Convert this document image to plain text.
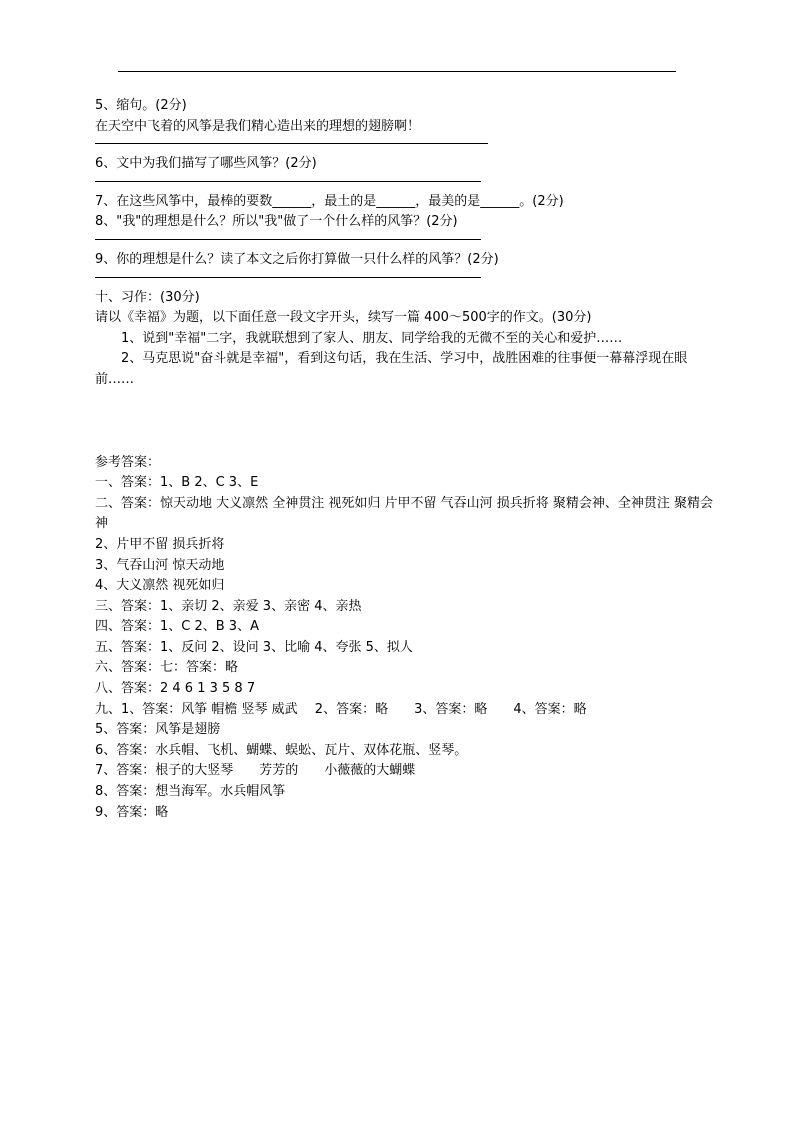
5、缩句。(2分)

在天空中飞着的风筝是我们精心造出来的理想的翅膀啊！

6、文中为我们描写了哪些风筝？(2分)

7、在这些风筝中，最棒的要数______，最土的是______，最美的是______。(2分)

8、"我"的理想是什么？所以"我"做了一个什么样的风筝？(2分)

9、你的理想是什么？读了本文之后你打算做一只什么样的风筝？(2分)

十、习作：(30分)

请以《幸福》为题，以下面任意一段文字开头，续写一篇 400～500字的作文。(30分)

1、说到"幸福"二字，我就联想到了家人、朋友、同学给我的无微不至的关心和爱护……

2、马克思说"奋斗就是幸福"，看到这句话，我在生活、学习中，战胜困难的往事便一幕幕浮现在眼前……

参考答案：

一、答案：1、B 2、C 3、E

二、答案：惊天动地 大义凛然 全神贯注 视死如归 片甲不留 气吞山河 损兵折将 聚精会神、全神贯注 聚精会神

2、片甲不留 损兵折将

3、气吞山河 惊天动地

4、大义凛然 视死如归

三、答案：1、亲切 2、亲爱 3、亲密 4、亲热

四、答案：1、C 2、B 3、A

五、答案：1、反问 2、设问 3、比喻 4、夸张 5、拟人

六、答案：七：答案：略

八、答案：2 4 6 1 3 5 8 7

九、1、答案：风筝 帽檐 竖琴 威武　 2、答案：略　　3、答案：略　　4、答案：略

5、答案：风筝是翅膀

6、答案：水兵帽、飞机、蝴蝶、蜈蚣、瓦片、双体花瓶、竖琴。

7、答案：根子的大竖琴　　芳芳的　　小薇薇的大蝴蝶

8、答案：想当海军。水兵帽风筝

9、答案：略
